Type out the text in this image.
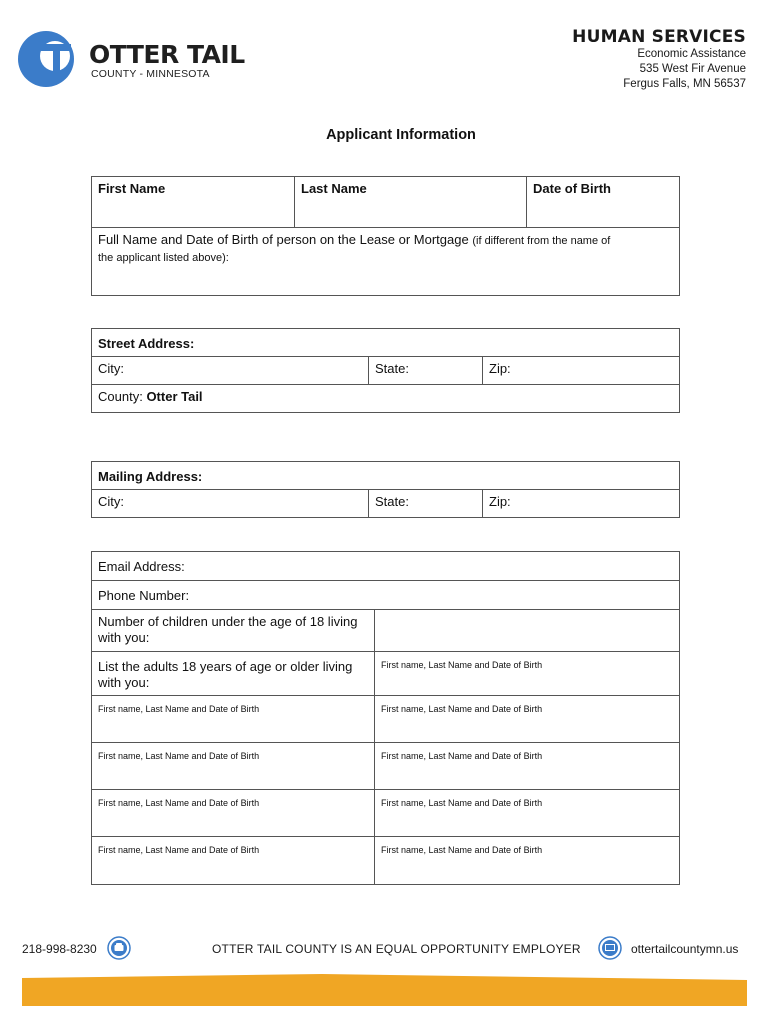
OTTER TAIL
COUNTY - MINNESOTA
HUMAN SERVICES
Economic Assistance
535 West Fir Avenue
Fergus Falls, MN 56537
Applicant Information
First Name	Last Name	Date of Birth
Full Name and Date of Birth of person on the Lease or Mortgage (if different from the name of
the applicant listed above):
Street Address:
City:	State:	Zip:
County: Otter Tail
Mailing Address:
City:	State:	Zip:
Email Address:	
Phone Number:	
Number of children under the age of 18 living with you:	
List the adults 18 years of age or older living with you:	First name, Last Name and Date of Birth
First name, Last Name and Date of Birth	First name, Last Name and Date of Birth
First name, Last Name and Date of Birth	First name, Last Name and Date of Birth
First name, Last Name and Date of Birth	First name, Last Name and Date of Birth
First name, Last Name and Date of Birth	First name, Last Name and Date of Birth
218-998-8230	OTTER TAIL COUNTY IS AN EQUAL OPPORTUNITY EMPLOYER	ottertailcountymn.us
